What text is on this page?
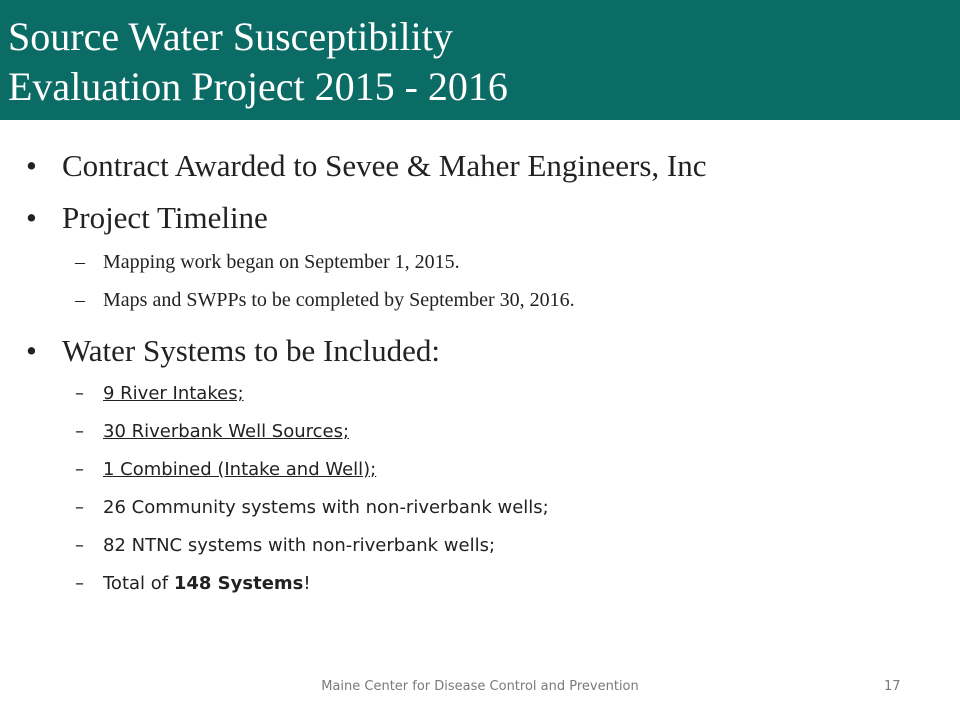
Source Water Susceptibility
Evaluation Project 2015 - 2016
• Contract Awarded to Sevee & Maher Engineers, Inc
• Project Timeline
– Mapping work began on September 1, 2015.
– Maps and SWPPs to be completed by September 30, 2016.
• Water Systems to be Included:
– 9 River Intakes;
– 30 Riverbank Well Sources;
– 1 Combined (Intake and Well);
– 26 Community systems with non-riverbank wells;
– 82 NTNC systems with non-riverbank wells;
– Total of 148 Systems!
Maine Center for Disease Control and Prevention	17
